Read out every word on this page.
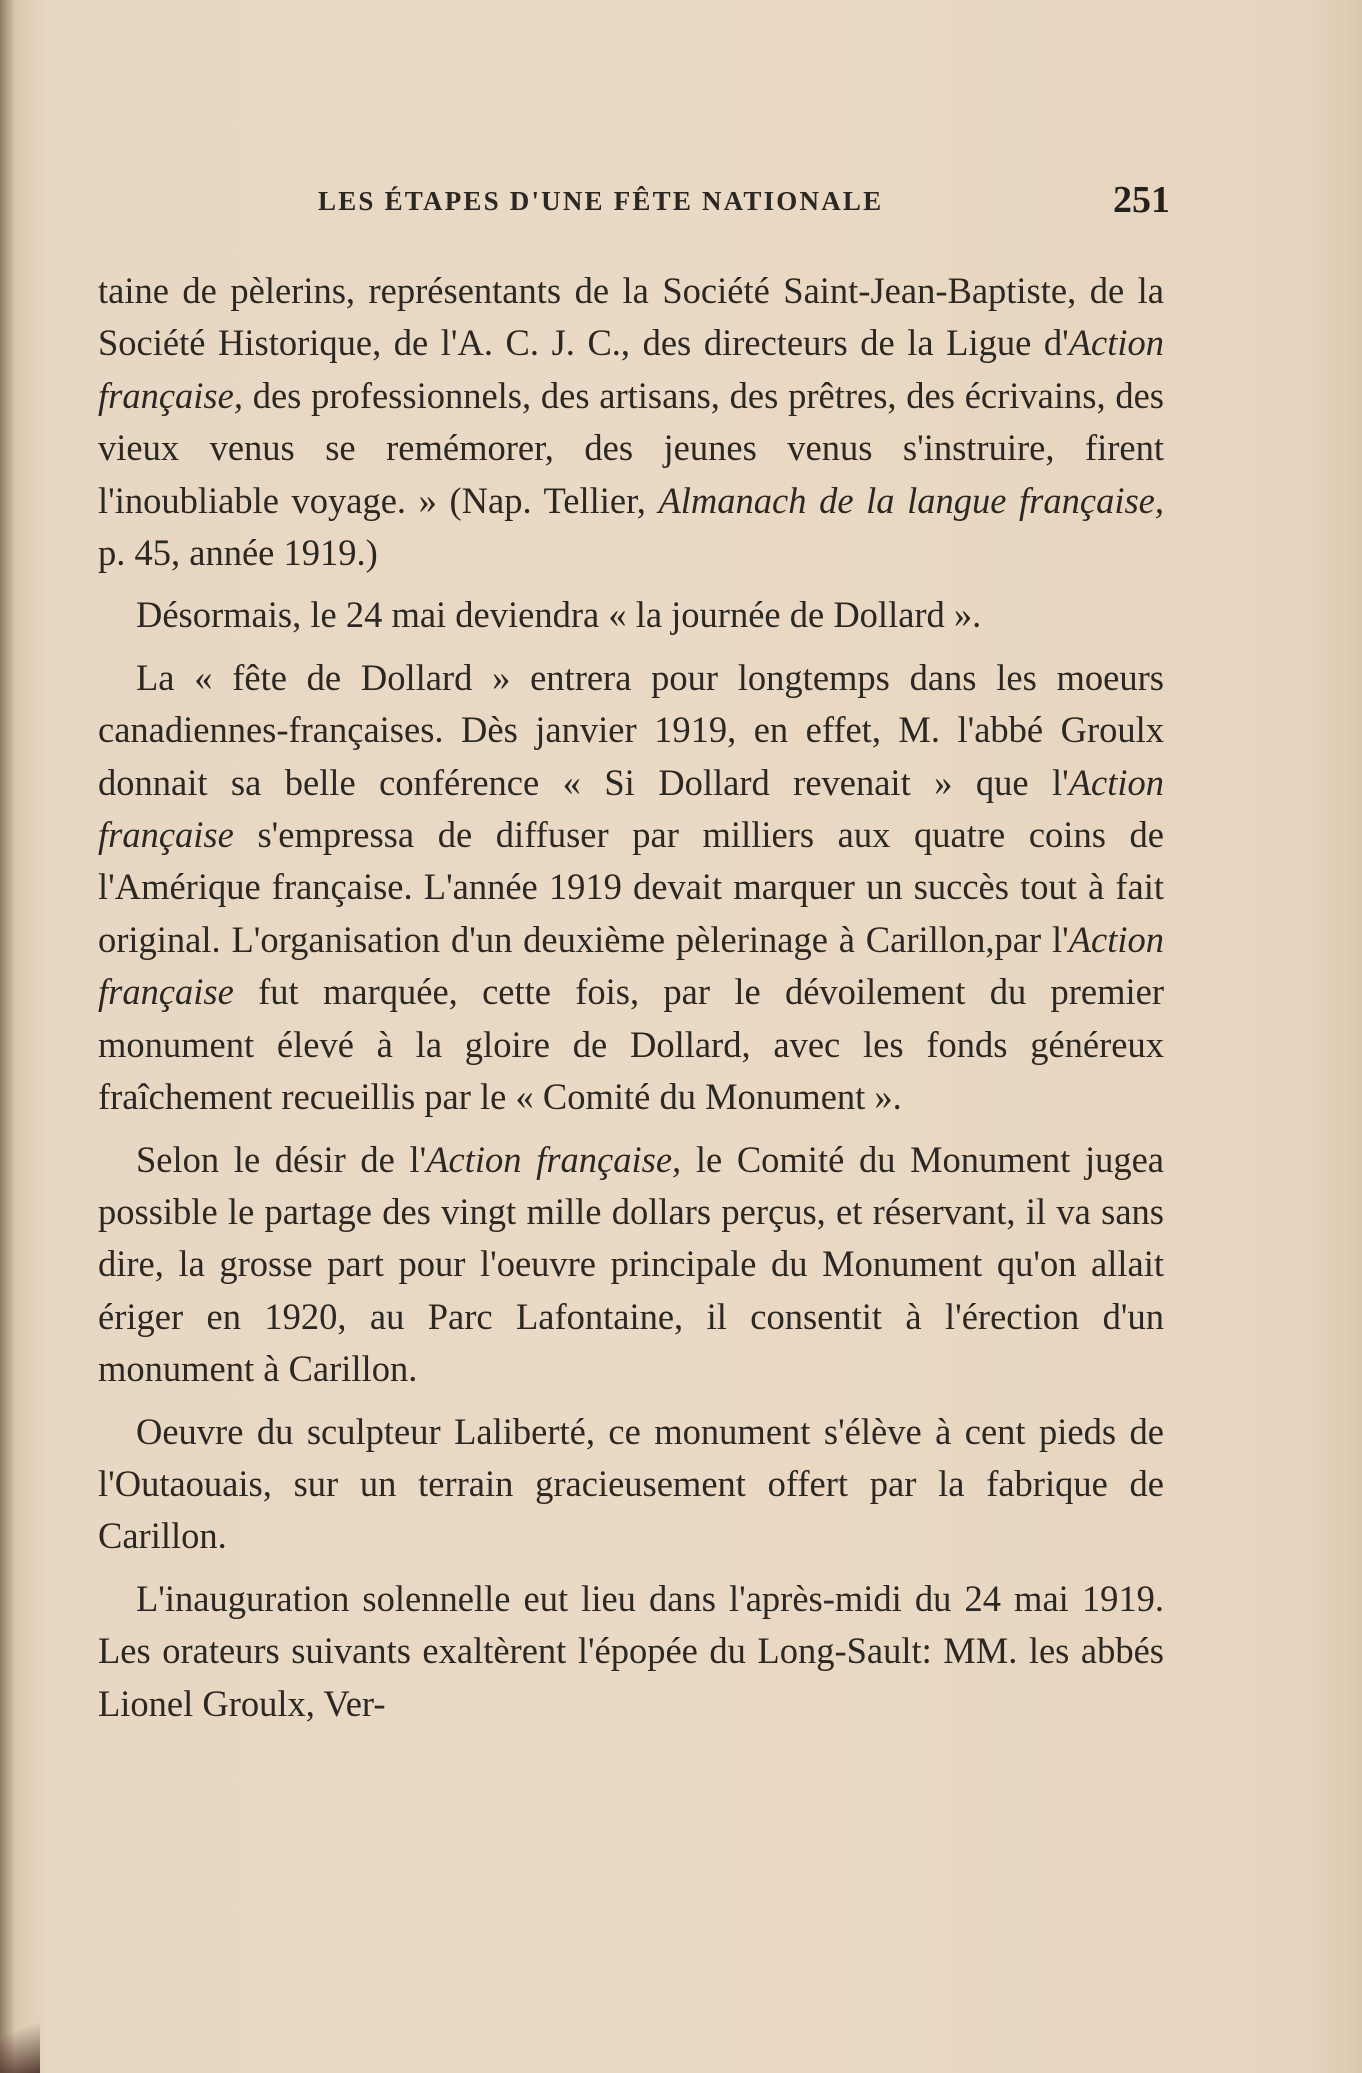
LES ÉTAPES D'UNE FÊTE NATIONALE	251

taine de pèlerins, représentants de la Société Saint-Jean-Baptiste, de la Société Historique, de l'A. C. J. C., des directeurs de la Ligue d'Action française, des professionnels, des artisans, des prêtres, des écrivains, des vieux venus se remémorer, des jeunes venus s'instruire, firent l'inoubliable voyage. » (Nap. Tellier, Almanach de la langue française, p. 45, année 1919.)

Désormais, le 24 mai deviendra « la journée de Dollard ».

La « fête de Dollard » entrera pour longtemps dans les moeurs canadiennes-françaises. Dès janvier 1919, en effet, M. l'abbé Groulx donnait sa belle conférence « Si Dollard revenait » que l'Action française s'empressa de diffuser par milliers aux quatre coins de l'Amérique française. L'année 1919 devait marquer un succès tout à fait original. L'organisation d'un deuxième pèlerinage à Carillon,par l'Action française fut marquée, cette fois, par le dévoilement du premier monument élevé à la gloire de Dollard, avec les fonds généreux fraîchement recueillis par le « Comité du Monument ».

Selon le désir de l'Action française, le Comité du Monument jugea possible le partage des vingt mille dollars perçus, et réservant, il va sans dire, la grosse part pour l'oeuvre principale du Monument qu'on allait ériger en 1920, au Parc Lafontaine, il consentit à l'érection d'un monument à Carillon.

Oeuvre du sculpteur Laliberté, ce monument s'élève à cent pieds de l'Outaouais, sur un terrain gracieusement offert par la fabrique de Carillon.

L'inauguration solennelle eut lieu dans l'après-midi du 24 mai 1919. Les orateurs suivants exaltèrent l'épopée du Long-Sault: MM. les abbés Lionel Groulx, Ver-
